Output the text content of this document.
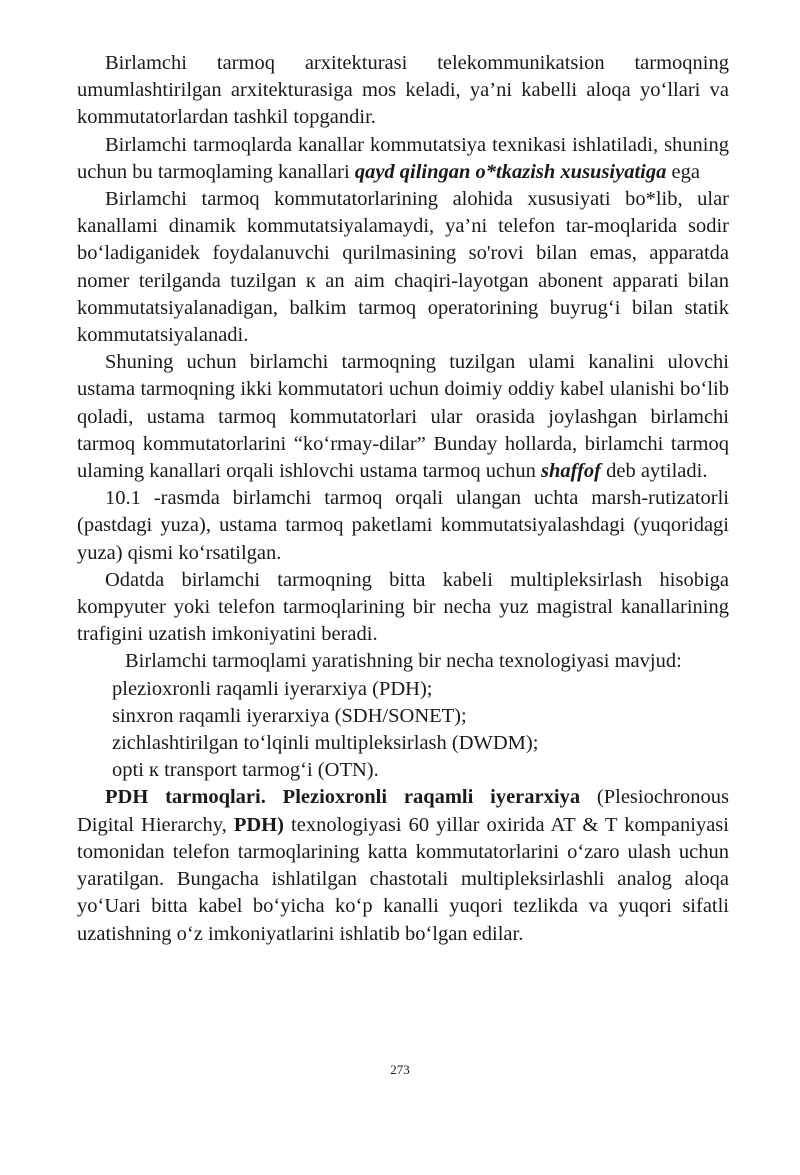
Birlamchi tarmoq arxitekturasi telekommunikatsion tarmoqning umumlashtirilgan arxitekturasiga mos keladi, ya’ni kabelli aloqa yo‘llari va kommutatorlardan tashkil topgandir.

Birlamchi tarmoqlarda kanallar kommutatsiya texnikasi ishlatiladi, shuning uchun bu tarmoqlaming kanallari qayd qilingan o*tkazish xususiyatiga ega

Birlamchi tarmoq kommutatorlarining alohida xususiyati bo*lib, ular kanallami dinamik kommutatsiyalamaydi, ya’ni telefon tar-moqlarida sodir bo‘ladiganidek foydalanuvchi qurilmasining so'rovi bilan emas, apparatda nomer terilganda tuzilgan к an aim chaqiri-layotgan abonent apparati bilan kommutatsiyalanadigan, balkim tarmoq operatorining buyrug‘i bilan statik kommutatsiyalanadi.

Shuning uchun birlamchi tarmoqning tuzilgan ulami kanalini ulovchi ustama tarmoqning ikki kommutatori uchun doimiy oddiy kabel ulanishi bo‘lib qoladi, ustama tarmoq kommutatorlari ular orasida joylashgan birlamchi tarmoq kommutatorlarini “ko‘rmay-dilar” Bunday hollarda, birlamchi tarmoq ulaming kanallari orqali ishlovchi ustama tarmoq uchun shaffof deb aytiladi.

10.1 -rasmda birlamchi tarmoq orqali ulangan uchta marsh-rutizatorli (pastdagi yuza), ustama tarmoq paketlami kommutatsiyalashdagi (yuqoridagi yuza) qismi ko‘rsatilgan.

Odatda birlamchi tarmoqning bitta kabeli multipleksirlash hisobiga kompyuter yoki telefon tarmoqlarining bir necha yuz magistral kanallarining trafigini uzatish imkoniyatini beradi.

Birlamchi tarmoqlami yaratishning bir necha texnologiyasi mavjud:

plezioxronli raqamli iyerarxiya (PDH);

sinxron raqamli iyerarxiya (SDH/SONET);

zichlashtirilgan to‘lqinli multipleksirlash (DWDM);

opti к transport tarmog‘i (OTN).

PDH tarmoqlari. Plezioxronli raqamli iyerarxiya (Plesiochronous Digital Hierarchy, PDH) texnologiyasi 60 yillar oxirida AT & T kompaniyasi tomonidan telefon tarmoqlarining katta kommutatorlarini o‘zaro ulash uchun yaratilgan. Bungacha ishlatilgan chastotali multipleksirlashli analog aloqa yo‘Uari bitta kabel bo‘yicha ko‘p kanalli yuqori tezlikda va yuqori sifatli uzatishning o‘z imkoniyatlarini ishlatib bo‘lgan edilar.

273
